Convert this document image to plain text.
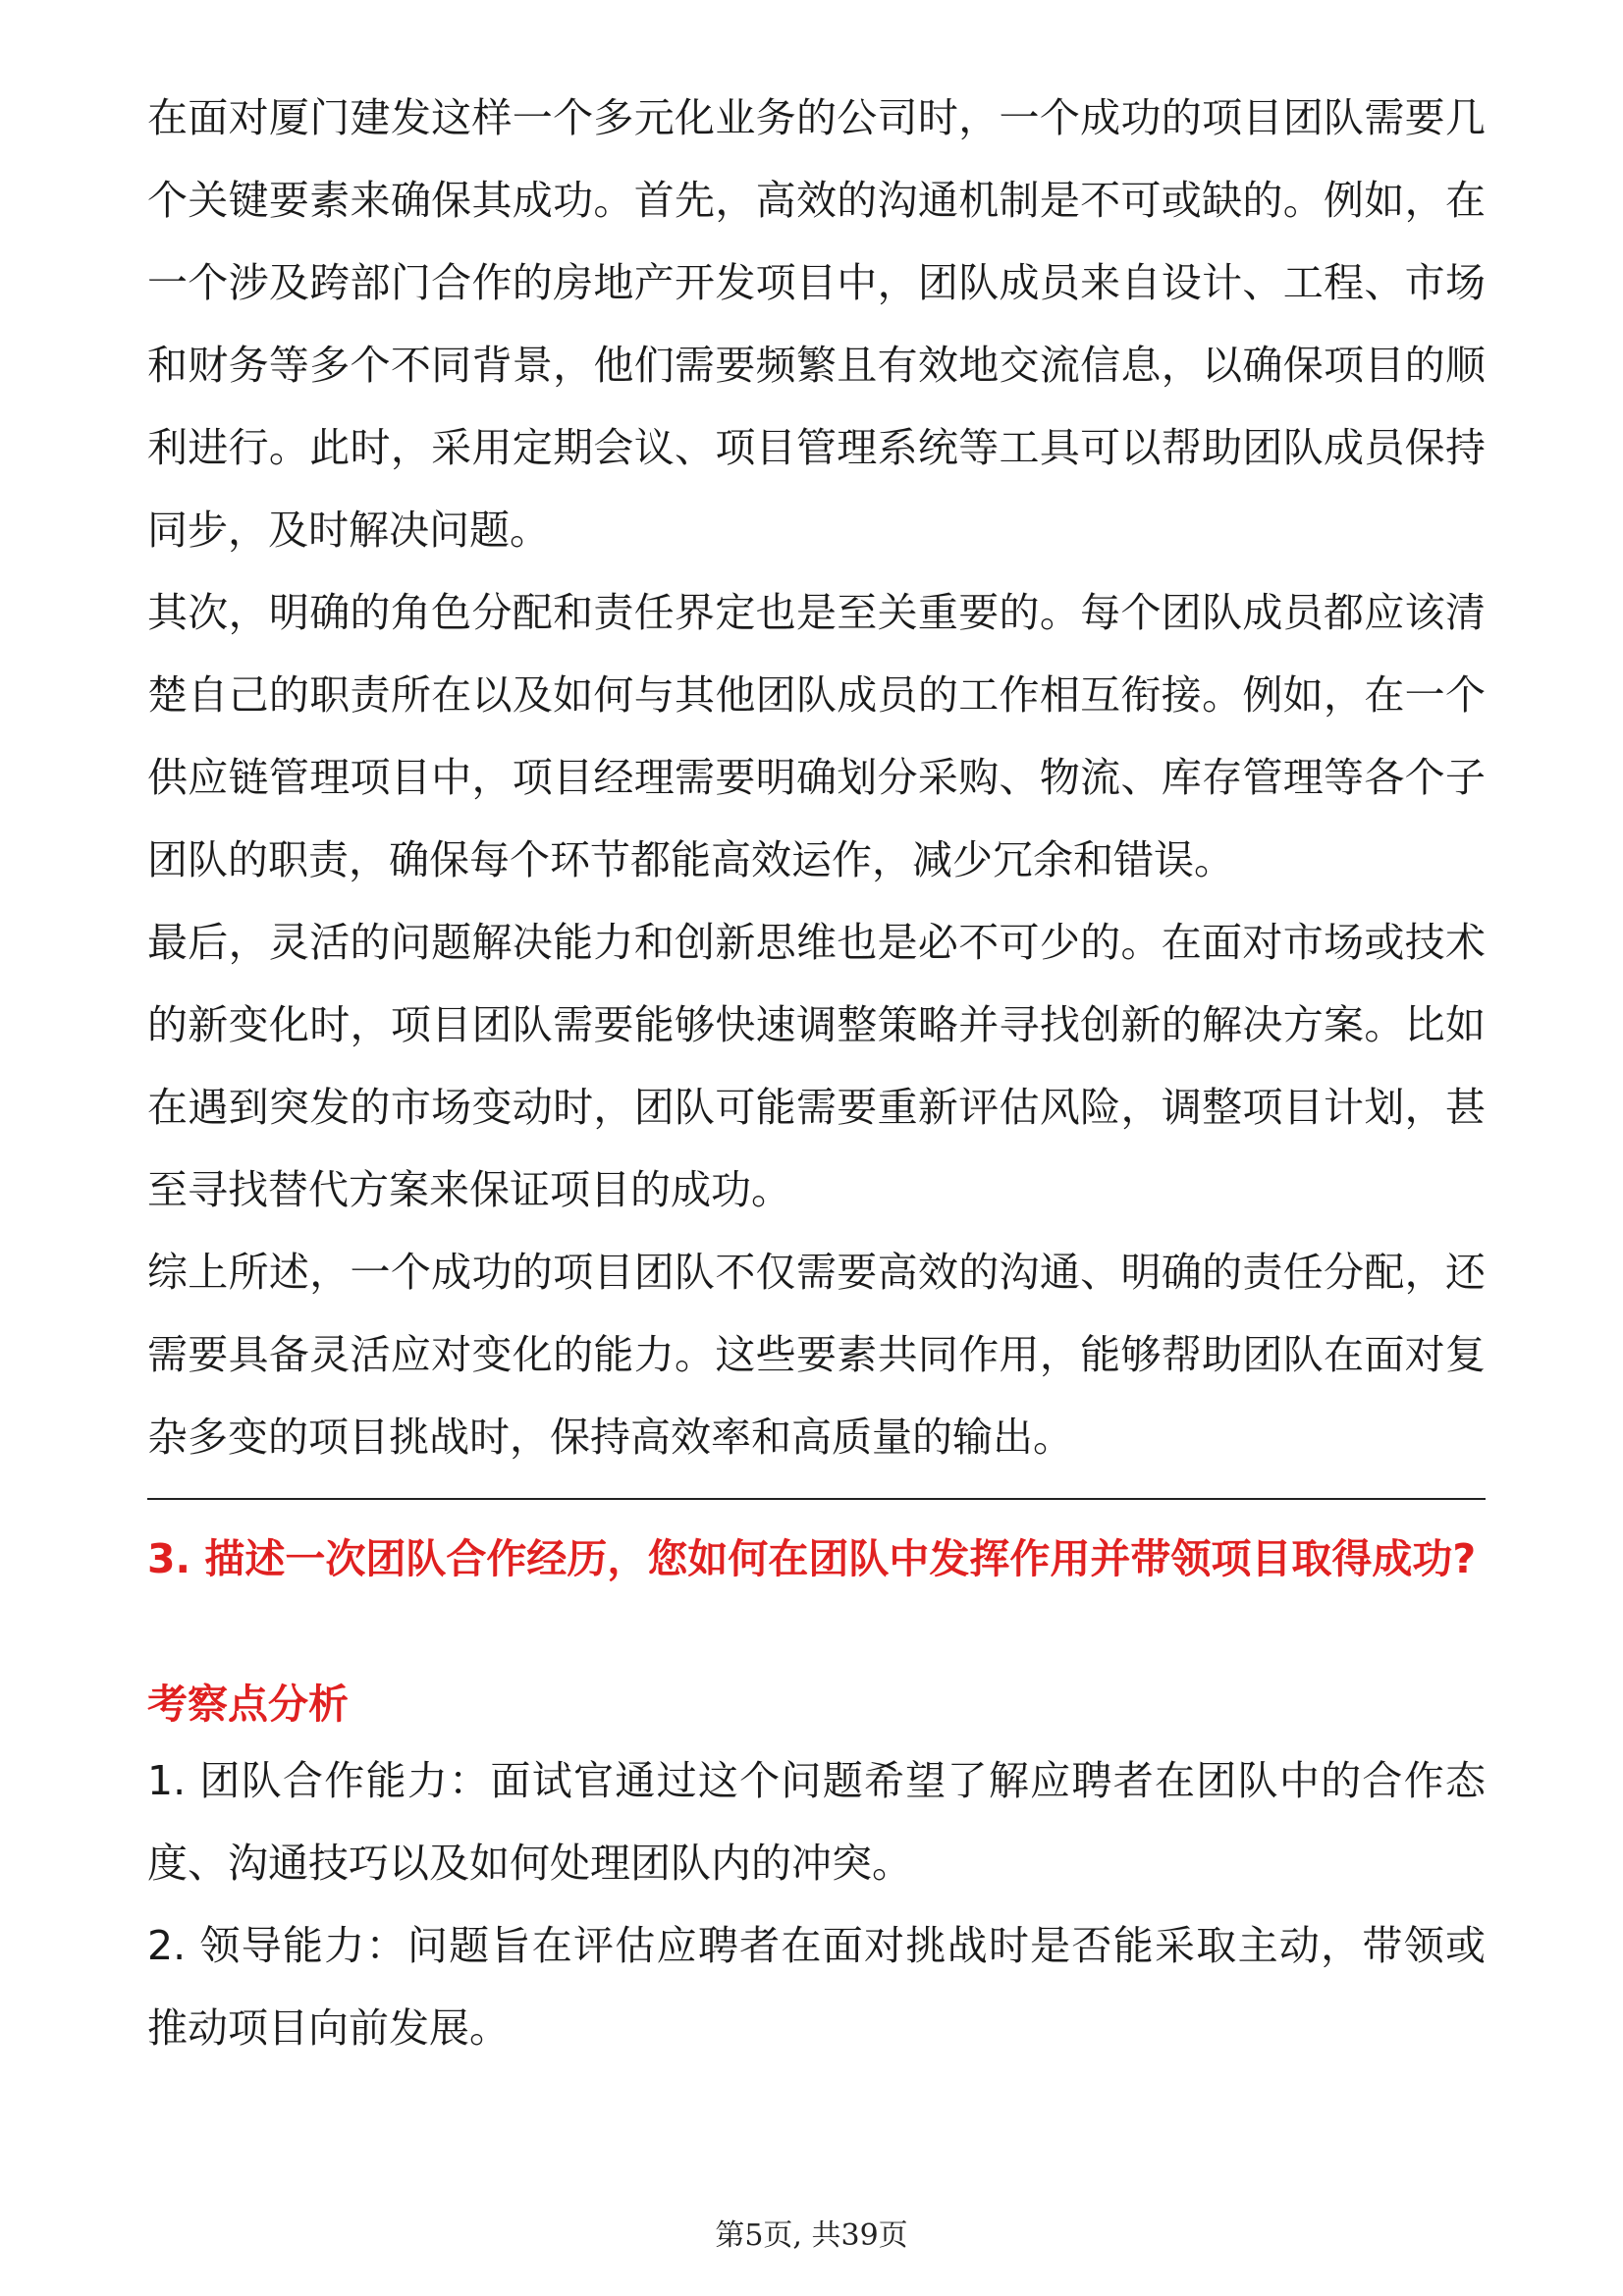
在面对厦门建发这样一个多元化业务的公司时，一个成功的项目团队需要几个关键要素来确保其成功。首先，高效的沟通机制是不可或缺的。例如，在一个涉及跨部门合作的房地产开发项目中，团队成员来自设计、工程、市场和财务等多个不同背景，他们需要频繁且有效地交流信息，以确保项目的顺利进行。此时，采用定期会议、项目管理系统等工具可以帮助团队成员保持同步，及时解决问题。

其次，明确的角色分配和责任界定也是至关重要的。每个团队成员都应该清楚自己的职责所在以及如何与其他团队成员的工作相互衔接。例如，在一个供应链管理项目中，项目经理需要明确划分采购、物流、库存管理等各个子团队的职责，确保每个环节都能高效运作，减少冗余和错误。

最后，灵活的问题解决能力和创新思维也是必不可少的。在面对市场或技术的新变化时，项目团队需要能够快速调整策略并寻找创新的解决方案。比如在遇到突发的市场变动时，团队可能需要重新评估风险，调整项目计划，甚至寻找替代方案来保证项目的成功。

综上所述，一个成功的项目团队不仅需要高效的沟通、明确的责任分配，还需要具备灵活应对变化的能力。这些要素共同作用，能够帮助团队在面对复杂多变的项目挑战时，保持高效率和高质量的输出。

3. 描述一次团队合作经历，您如何在团队中发挥作用并带领项目取得成功?
考察点分析

1. 团队合作能力：面试官通过这个问题希望了解应聘者在团队中的合作态度、沟通技巧以及如何处理团队内的冲突。

2. 领导能力：问题旨在评估应聘者在面对挑战时是否能采取主动，带领或推动项目向前发展。

第5页, 共39页
